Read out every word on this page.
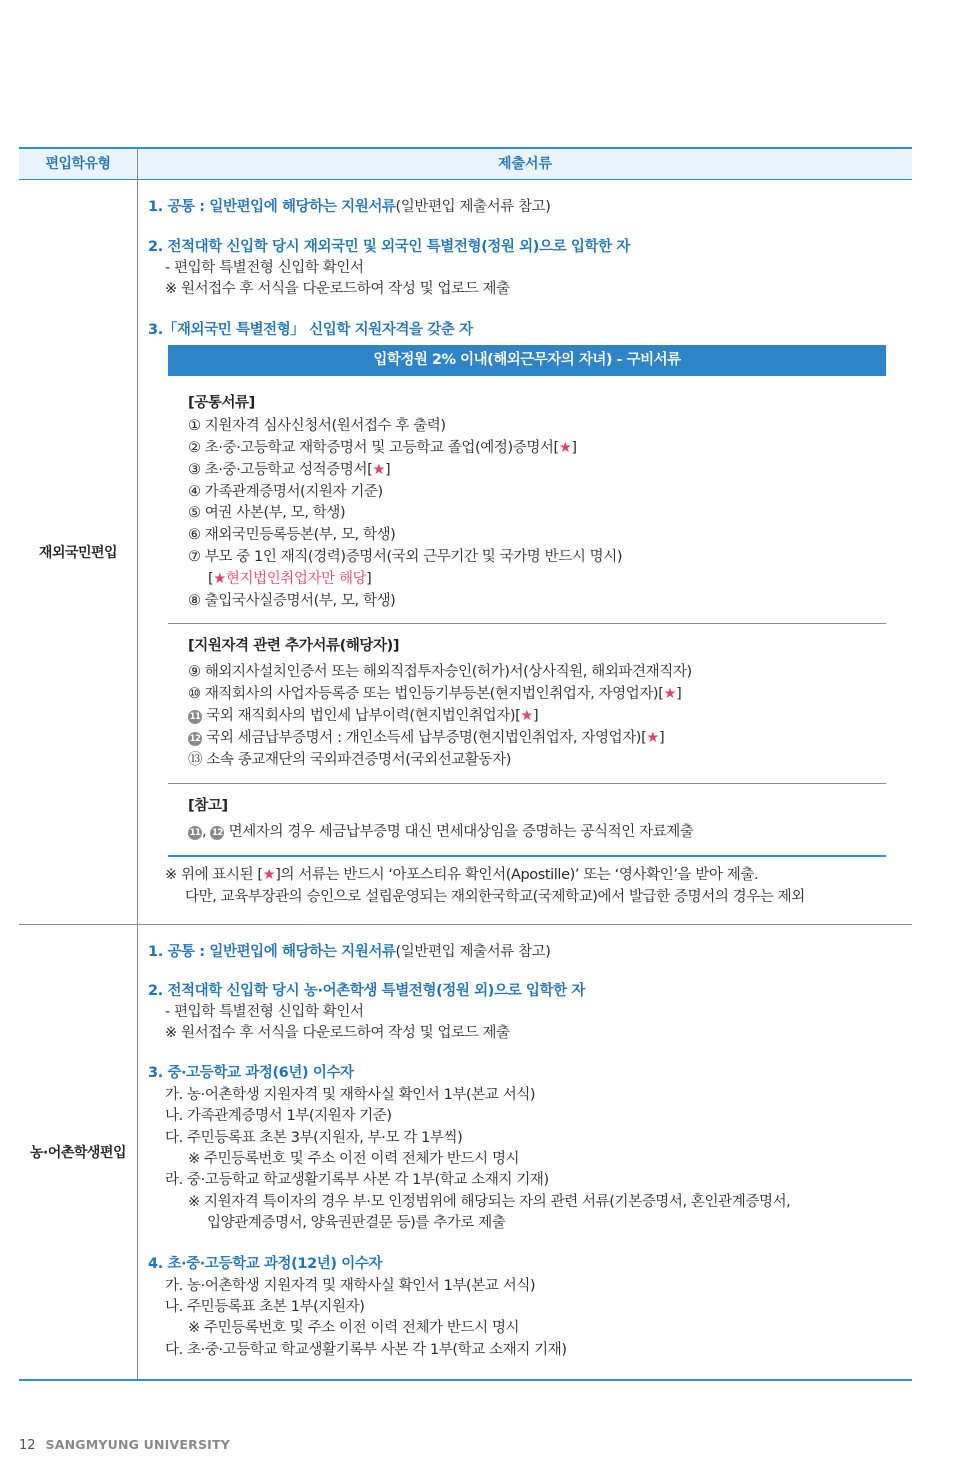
편입학유형	제출서류
재외국민편입
1. 공통 : 일반편입에 해당하는 지원서류(일반편입 제출서류 참고)
2. 전적대학 신입학 당시 재외국민 및 외국인 특별전형(정원 외)으로 입학한 자
- 편입학 특별전형 신입학 확인서
※ 원서접수 후 서식을 다운로드하여 작성 및 업로드 제출
3.「재외국민 특별전형」 신입학 지원자격을 갖춘 자
입학정원 2% 이내(해외근무자의 자녀) - 구비서류
[공통서류]
① 지원자격 심사신청서(원서접수 후 출력)
② 초·중·고등학교 재학증명서 및 고등학교 졸업(예정)증명서[★]
③ 초·중·고등학교 성적증명서[★]
④ 가족관계증명서(지원자 기준)
⑤ 여권 사본(부, 모, 학생)
⑥ 재외국민등록등본(부, 모, 학생)
⑦ 부모 중 1인 재직(경력)증명서(국외 근무기간 및 국가명 반드시 명시)
[★현지법인취업자만 해당]
⑧ 출입국사실증명서(부, 모, 학생)
[지원자격 관련 추가서류(해당자)]
⑨ 해외지사설치인증서 또는 해외직접투자승인(허가)서(상사직원, 해외파견재직자)
⑩ 재직회사의 사업자등록증 또는 법인등기부등본(현지법인취업자, 자영업자)[★]
11 국외 재직회사의 법인세 납부이력(현지법인취업자)[★]
12 국외 세금납부증명서 : 개인소득세 납부증명(현지법인취업자, 자영업자)[★]
⑬ 소속 종교재단의 국외파견증명서(국외선교활동자)
[참고]
11 , 12 면세자의 경우 세금납부증명 대신 면세대상임을 증명하는 공식적인 자료제출
※ 위에 표시된 [★]의 서류는 반드시 ‘아포스티유 확인서(Apostille)’ 또는 ‘영사확인’을 받아 제출.
다만, 교육부장관의 승인으로 설립운영되는 재외한국학교(국제학교)에서 발급한 증명서의 경우는 제외
농·어촌학생편입
1. 공통 : 일반편입에 해당하는 지원서류(일반편입 제출서류 참고)
2. 전적대학 신입학 당시 농·어촌학생 특별전형(정원 외)으로 입학한 자
- 편입학 특별전형 신입학 확인서
※ 원서접수 후 서식을 다운로드하여 작성 및 업로드 제출
3. 중·고등학교 과정(6년) 이수자
가. 농·어촌학생 지원자격 및 재학사실 확인서 1부(본교 서식)
나. 가족관계증명서 1부(지원자 기준)
다. 주민등록표 초본 3부(지원자, 부·모 각 1부씩)
※ 주민등록번호 및 주소 이전 이력 전체가 반드시 명시
라. 중·고등학교 학교생활기록부 사본 각 1부(학교 소재지 기재)
※ 지원자격 특이자의 경우 부·모 인정범위에 해당되는 자의 관련 서류(기본증명서, 혼인관계증명서,
입양관계증명서, 양육권판결문 등)를 추가로 제출
4. 초·중·고등학교 과정(12년) 이수자
가. 농·어촌학생 지원자격 및 재학사실 확인서 1부(본교 서식)
나. 주민등록표 초본 1부(지원자)
※ 주민등록번호 및 주소 이전 이력 전체가 반드시 명시
다. 초·중·고등학교 학교생활기록부 사본 각 1부(학교 소재지 기재)
12 SANGMYUNG UNIVERSITY
